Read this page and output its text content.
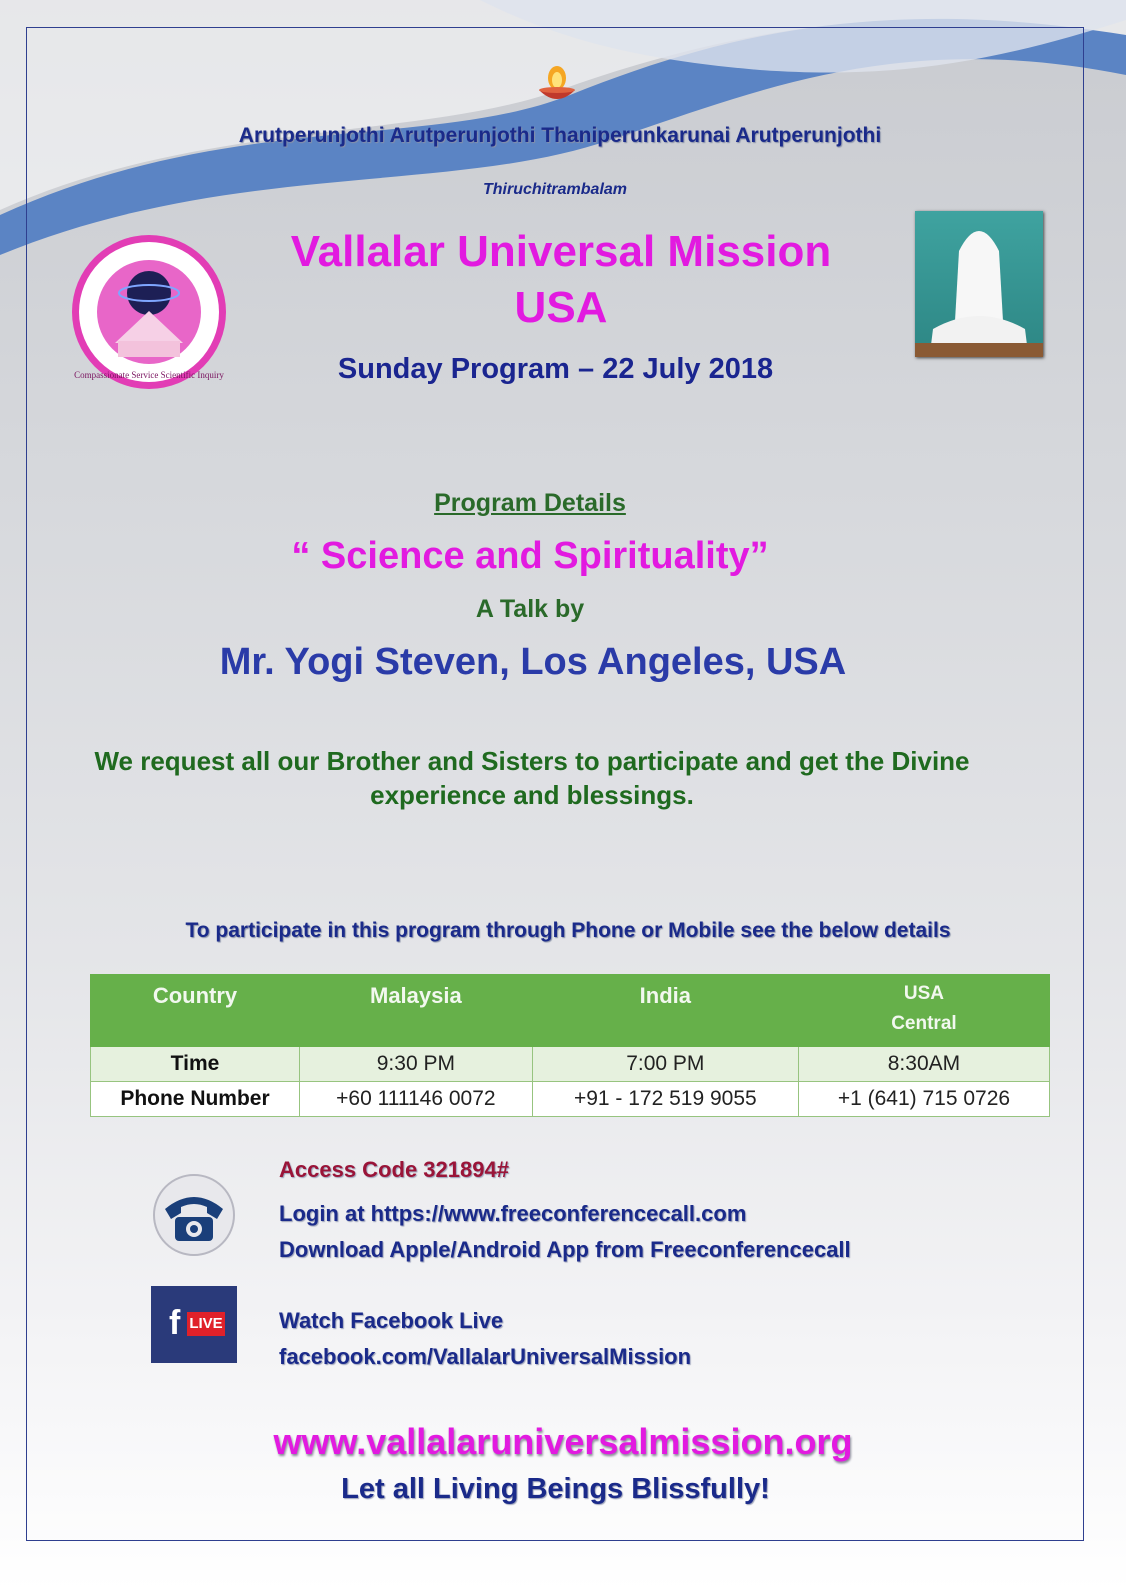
Arutperunjothi Arutperunjothi Thaniperunkarunai Arutperunjothi
Thiruchitrambalam
Compassionate Service Scientific Inquiry
Vallalar Universal Mission
USA
Sunday Program – 22 July 2018
Program Details
“ Science and Spirituality”
A Talk by
Mr. Yogi Steven, Los Angeles, USA
We request all our Brother and Sisters to participate and get the Divine
experience and blessings.
To participate in this program through Phone or Mobile see the below details
Country	Malaysia	India	USA
Central

Time	9:30 PM	7:00 PM	8:30AM
Phone Number	+60 111146 0072	+91 - 172 519 9055	+1 (641) 715 0726
Access Code 321894#
Login at https://www.freeconferencecall.com
Download Apple/Android App from Freeconferencecall
f LIVE	Watch Facebook Live
facebook.com/VallalarUniversalMission
www.vallalaruniversalmission.org
Let all Living Beings Blissfully!
